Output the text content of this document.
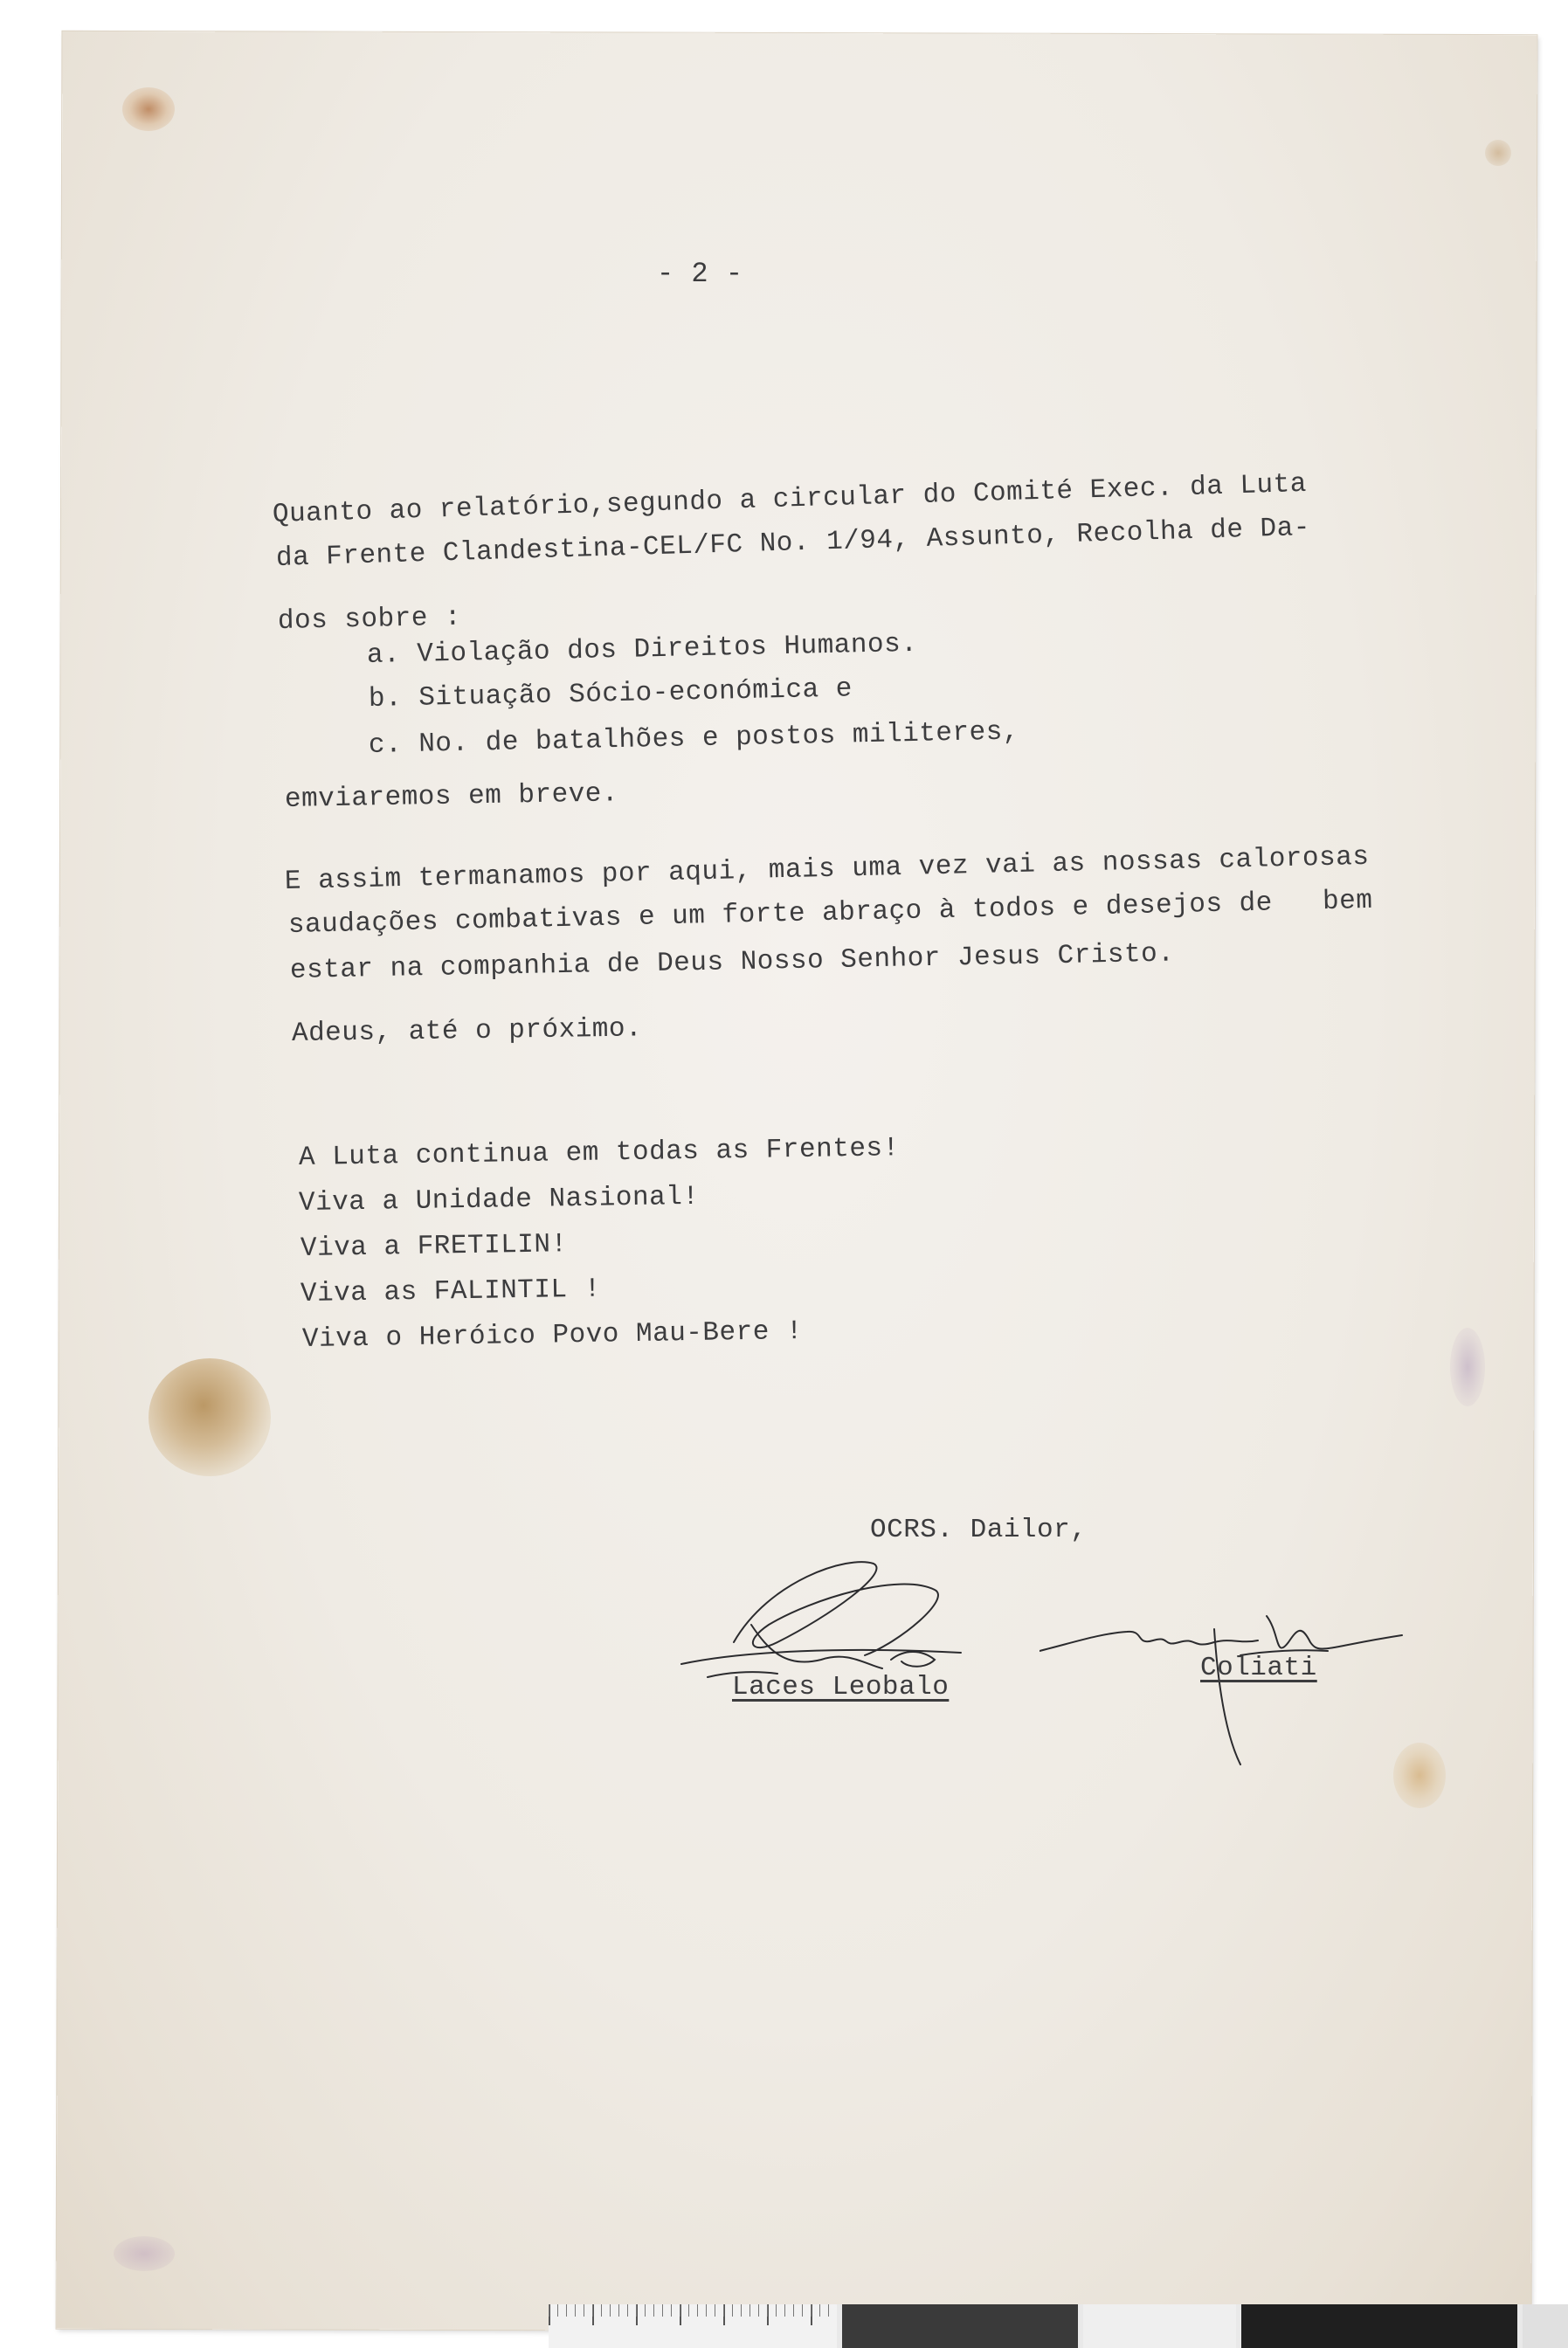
- 2 -
Quanto ao relatório,segundo a circular do Comité Exec. da Luta
da Frente Clandestina-CEL/FC No. 1/94, Assunto, Recolha de Da-
dos sobre :
a. Violação dos Direitos Humanos.
b. Situação Sócio-económica e
c. No. de batalhões e postos militeres,
emviaremos em breve.
E assim termanamos por aqui, mais uma vez vai as nossas calorosas
saudações combativas e um forte abraço à todos e desejos de   bem
estar na companhia de Deus Nosso Senhor Jesus Cristo.
Adeus, até o próximo.
A Luta continua em todas as Frentes!
Viva a Unidade Nasional!
Viva a FRETILIN!
Viva as FALINTIL !
Viva o Heróico Povo Mau-Bere !
OCRS. Dailor,
Laces Leobalo
Coliati
